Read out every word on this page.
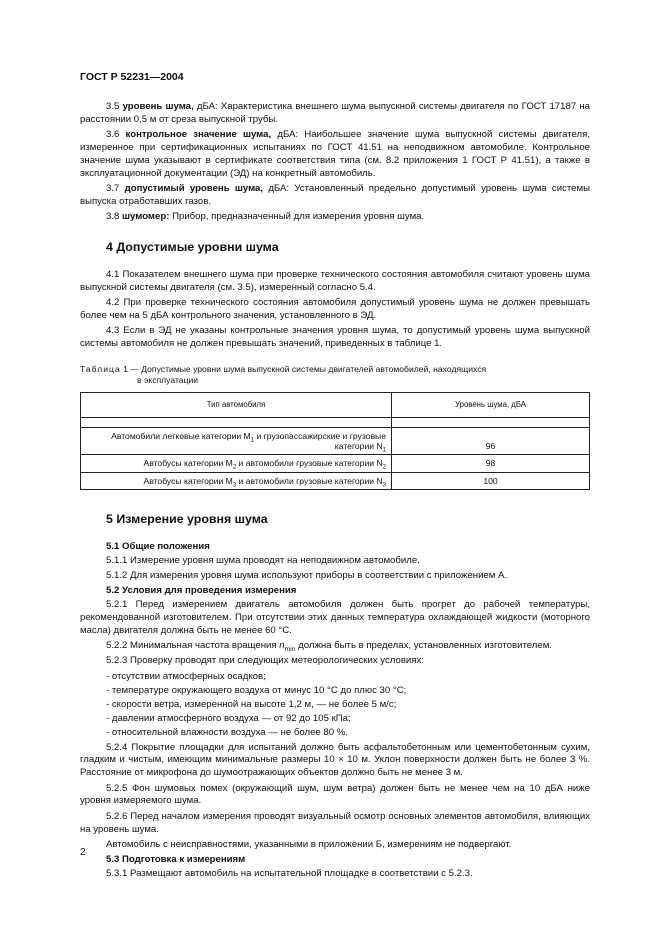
ГОСТ Р 52231—2004

3.5 уровень шума, дБА: Характеристика внешнего шума выпускной системы двигателя по ГОСТ 17187 на расстоянии 0,5 м от среза выпускной трубы.

3.6 контрольное значение шума, дБА: Наибольшее значение шума выпускной системы двигателя, измеренное при сертификационных испытаниях по ГОСТ 41.51 на неподвижном автомобиле. Контрольное значение шума указывают в сертификате соответствия типа (см. 8.2 приложения 1 ГОСТ Р 41.51), а также в эксплуатационной документации (ЭД) на конкретный автомобиль.

3.7 допустимый уровень шума, дБА: Установленный предельно допустимый уровень шума системы выпуска отработавших газов.

3.8 шумомер: Прибор, предназначенный для измерения уровня шума.

4 Допустимые уровни шума

4.1 Показателем внешнего шума при проверке технического состояния автомобиля считают уровень шума выпускной системы двигателя (см. 3.5), измеренный согласно 5.4.

4.2 При проверке технического состояния автомобиля допустимый уровень шума не должен превышать более чем на 5 дБА контрольного значения, установленного в ЭД.

4.3 Если в ЭД не указаны контрольные значения уровня шума, то допустимый уровень шума выпускной системы автомобиля не должен превышать значений, приведенных в таблице 1.

Таблица 1 — Допустимые уровни шума выпускной системы двигателей автомобилей, находящихся
в эксплуатации
Тип автомобиля	Уровень шума, дБА

Автомобили легковые категории $M_1$ и грузопассажирские и грузовые категории $N_1$	96
Автобусы категории $M_2$ и автомобили грузовые категории $N_2$	98
Автобусы категории $M_3$ и автомобили грузовые категории $N_3$	100
5 Измерение уровня шума
5.1 Общие положения

5.1.1 Измерение уровня шума проводят на неподвижном автомобиле.

5.1.2 Для измерения уровня шума используют приборы в соответствии с приложением А.

5.2 Условия для проведения измерения

5.2.1 Перед измерением двигатель автомобиля должен быть прогрет до рабочей температуры, рекомендованной изготовителем. При отсутствии этих данных температура охлаждающей жидкости (моторного масла) двигателя должна быть не менее 60 °С.

5.2.2 Минимальная частота вращения $n_{min}$ должна быть в пределах, установленных изготовителем.

5.2.3 Проверку проводят при следующих метеорологических условиях:

- отсутствии атмосферных осадков;
- температуре окружающего воздуха от минус 10 °С до плюс 30 °С;
- скорости ветра, измеренной на высоте 1,2 м, — не более 5 м/с;
- давлении атмосферного воздуха — от 92 до 105 кПа;
- относительной влажности воздуха — не более 80 %.

5.2.4 Покрытие площадки для испытаний должно быть асфальтобетонным или цементобетонным сухим, гладким и чистым, имеющим минимальные размеры 10 × 10 м. Уклон поверхности должен быть не более 3 %. Расстояние от микрофона до шумоотражающих объектов должно быть не менее 3 м.

5.2.5 Фон шумовых помех (окружающий шум, шум ветра) должен быть не менее чем на 10 дБА ниже уровня измеряемого шума.

5.2.6 Перед началом измерения проводят визуальный осмотр основных элементов автомобиля, влияющих на уровень шума.

Автомобиль с неисправностями, указанными в приложении Б, измерениям не подвергают.

5.3 Подготовка к измерениям

5.3.1 Размещают автомобиль на испытательной площадке в соответствии с 5.2.3.

2
